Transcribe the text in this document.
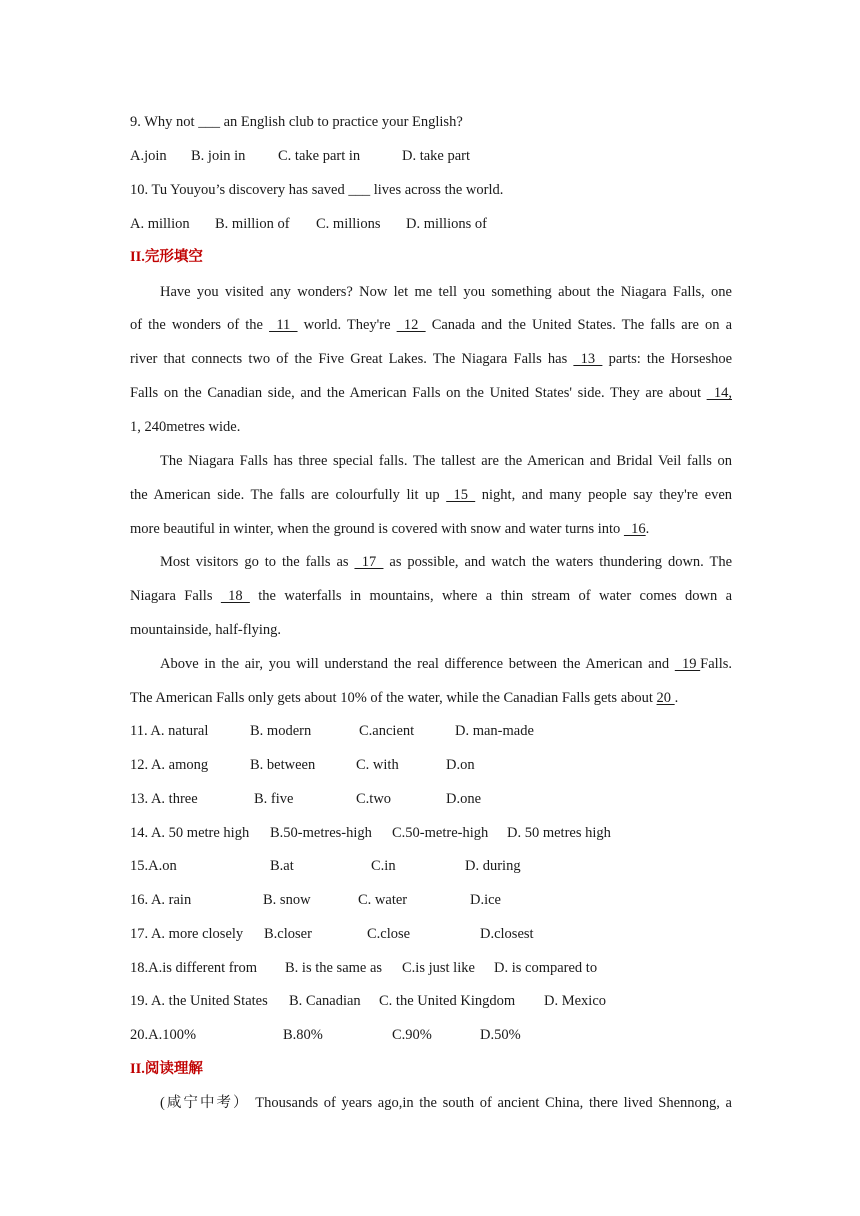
9. Why not ___ an English club to practice your English?
A.join B. join in C. take part in	D. take part
10. Tu Youyou’s discovery has saved ___ lives across the world.
A. million B. million of C. millions D. millions of
II.完形填空
Have you visited any wonders? Now let me tell you something about the Niagara Falls, one
of the wonders of the   11   world. They're   12   Canada and the United States. The falls are on a
river that connects two of the Five Great Lakes. The Niagara Falls has   13   parts: the Horseshoe
Falls on the Canadian side, and the American Falls on the United States' side. They are about   14,
1, 240metres wide.
The Niagara Falls has three special falls. The tallest are the American and Bridal Veil falls on
the American side. The falls are colourfully lit up   15   night, and many people say they're even
more beautiful in winter, when the ground is covered with snow and water turns into   16.
Most visitors go to the falls as   17   as possible, and watch the waters thundering down. The
Niagara Falls   18   the waterfalls in mountains, where a thin stream of water comes down a
mountainside, half-flying.
Above in the air, you will understand the real difference between the American and   19 Falls.
The American Falls only gets about 10% of the water, while the Canadian Falls gets about 20 .
11. A. natural	B. modern	C.ancient	D. man-made
12. A. among	B. between	C. with	D.on
13. A. three	B. five	C.two	D.one
14. A. 50 metre high B.50-metres-high C.50-metre-high D. 50 metres high
15.A.on	B.at	C.in	D. during
16. A. rain	B. snow	C. water	D.ice
17. A. more closely B.closer	C.close	D.closest
18.A.is different from B. is the same as C.is just like D. is compared to
19. A. the United States B. Canadian C. the United Kingdom D. Mexico
20.A.100%	B.80%	C.90%	D.50%
II.阅读理解
(咸宁中考） Thousands of years ago,in the south of ancient China, there lived Shennong, a
